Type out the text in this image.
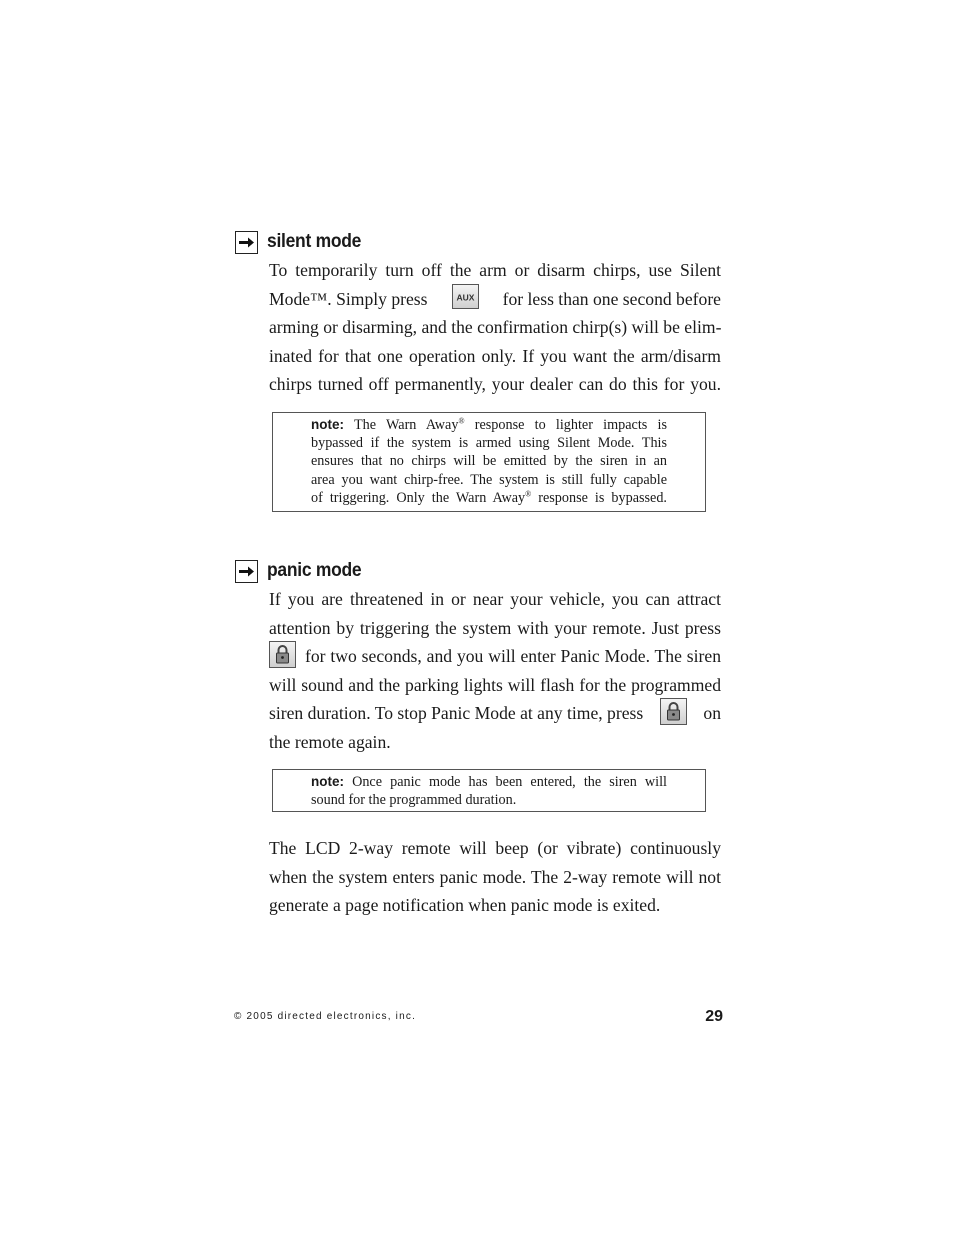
silent mode
To temporarily turn off the arm or disarm chirps, use Silent
Mode™. Simply press	AUX for less than one second before
arming or disarming, and the confirmation chirp(s) will be elim-
inated for that one operation only. If you want the arm/disarm
chirps turned off permanently, your dealer can do this for you.
note: The Warn Away® response to lighter impacts is
bypassed if the system is armed using Silent Mode. This
ensures that no chirps will be emitted by the siren in an
area you want chirp-free. The system is still fully capable
of triggering. Only the Warn Away® response is bypassed.
panic mode
If you are threatened in or near your vehicle, you can attract
attention by triggering the system with your remote. Just press
for two seconds, and you will enter Panic Mode. The siren
will sound and the parking lights will flash for the programmed
siren duration. To stop Panic Mode at any time, press	on
the remote again.
note: Once panic mode has been entered, the siren will
sound for the programmed duration.
The LCD 2-way remote will beep (or vibrate) continuously
when the system enters panic mode. The 2-way remote will not
generate a page notification when panic mode is exited.
© 2005 directed electronics, inc.	29
